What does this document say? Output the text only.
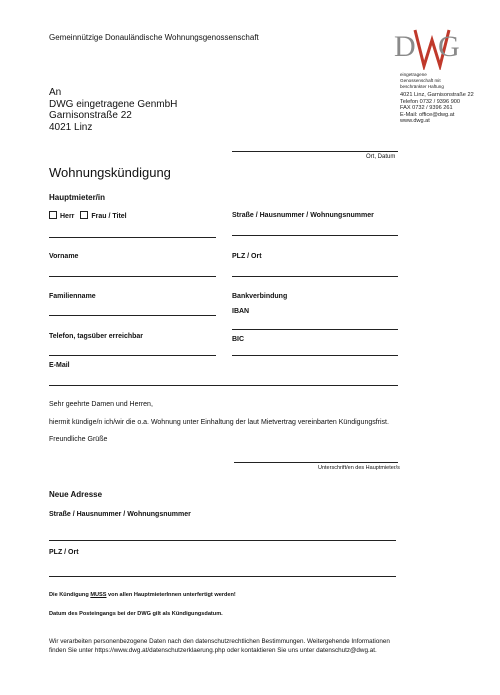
Gemeinnützige Donauländische Wohnungsgenossenschaft	D G
eingetragene
Genossenschaft mit
beschränkter Haftung
4021 Linz, Garnisonstraße 22
Telefon 0732 / 9396 900
FAX 0732 / 9396 261
E-Mail: office@dwg.at
www.dwg.at
An
DWG eingetragene GenmbH
Garnisonstraße 22
4021 Linz
Ort, Datum
Wohnungskündigung
Hauptmieter/in
Herr Frau / Titel	Straße / Hausnummer / Wohnungsnummer
Vorname	PLZ / Ort
Familienname	Bankverbindung
IBAN
Telefon, tagsüber erreichbar	BIC
E-Mail
Sehr geehrte Damen und Herren,
hiermit kündige/n ich/wir die o.a. Wohnung unter Einhaltung der laut Mietvertrag vereinbarten Kündigungsfrist.
Freundliche Grüße
Unterschrift/en des Hauptmieter/s
Neue Adresse
Straße / Hausnummer / Wohnungsnummer
PLZ / Ort
Die Kündigung MUSS von allen HauptmieterInnen unterfertigt werden!
Datum des Posteingangs bei der DWG gilt als Kündigungsdatum.
Wir verarbeiten personenbezogene Daten nach den datenschutzrechtlichen Bestimmungen. Weitergehende Informationen
finden Sie unter https://www.dwg.at/datenschutzerklaerung.php oder kontaktieren Sie uns unter datenschutz@dwg.at.
